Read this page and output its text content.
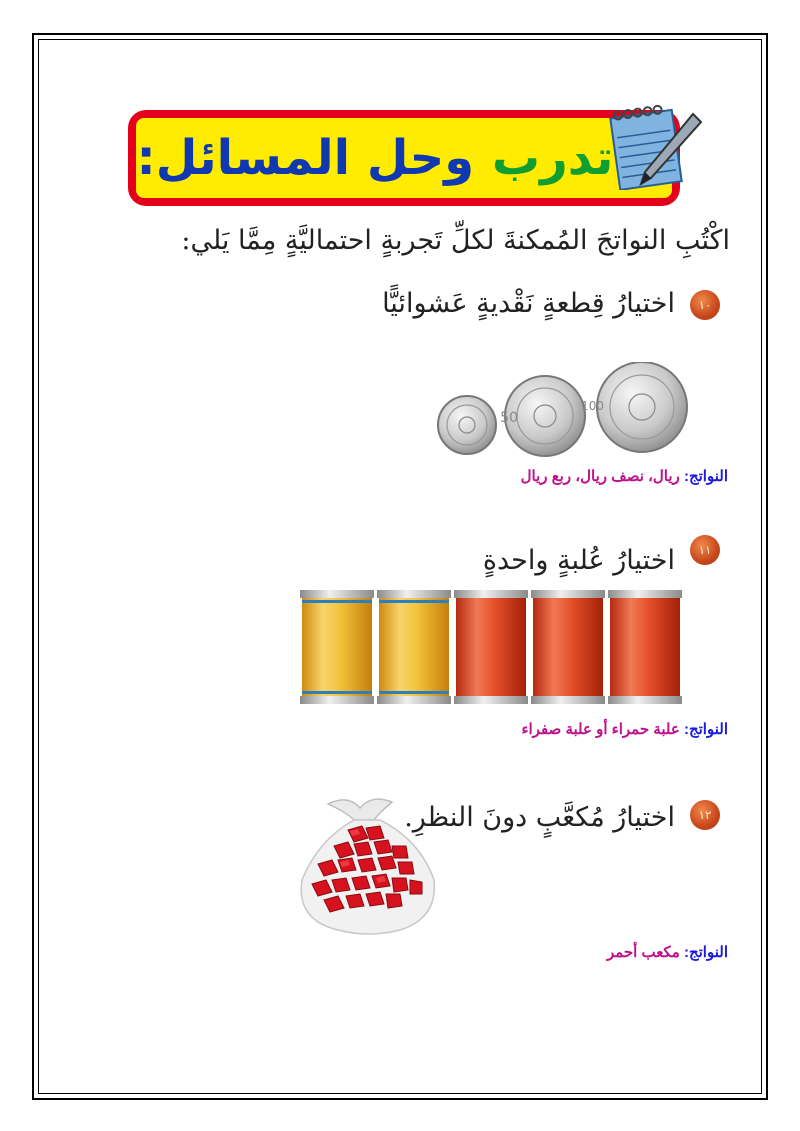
تدرب

وحل المسائل:
اكْتُبِ النواتجَ المُمكنةَ لكلِّ تَجربةٍ احتماليَّةٍ مِمَّا يَلي:
١٠
اختيارُ قِطعةٍ نَقْديةٍ عَشوائيًّا
50
100
النواتج: ريال، نصف ريال، ربع ريال
١١
اختيارُ عُلبةٍ واحدةٍ
النواتج: علبة حمراء أو علبة صفراء
١٢
اختيارُ مُكعَّبٍ دونَ النظرِ.
النواتج: مكعب أحمر
